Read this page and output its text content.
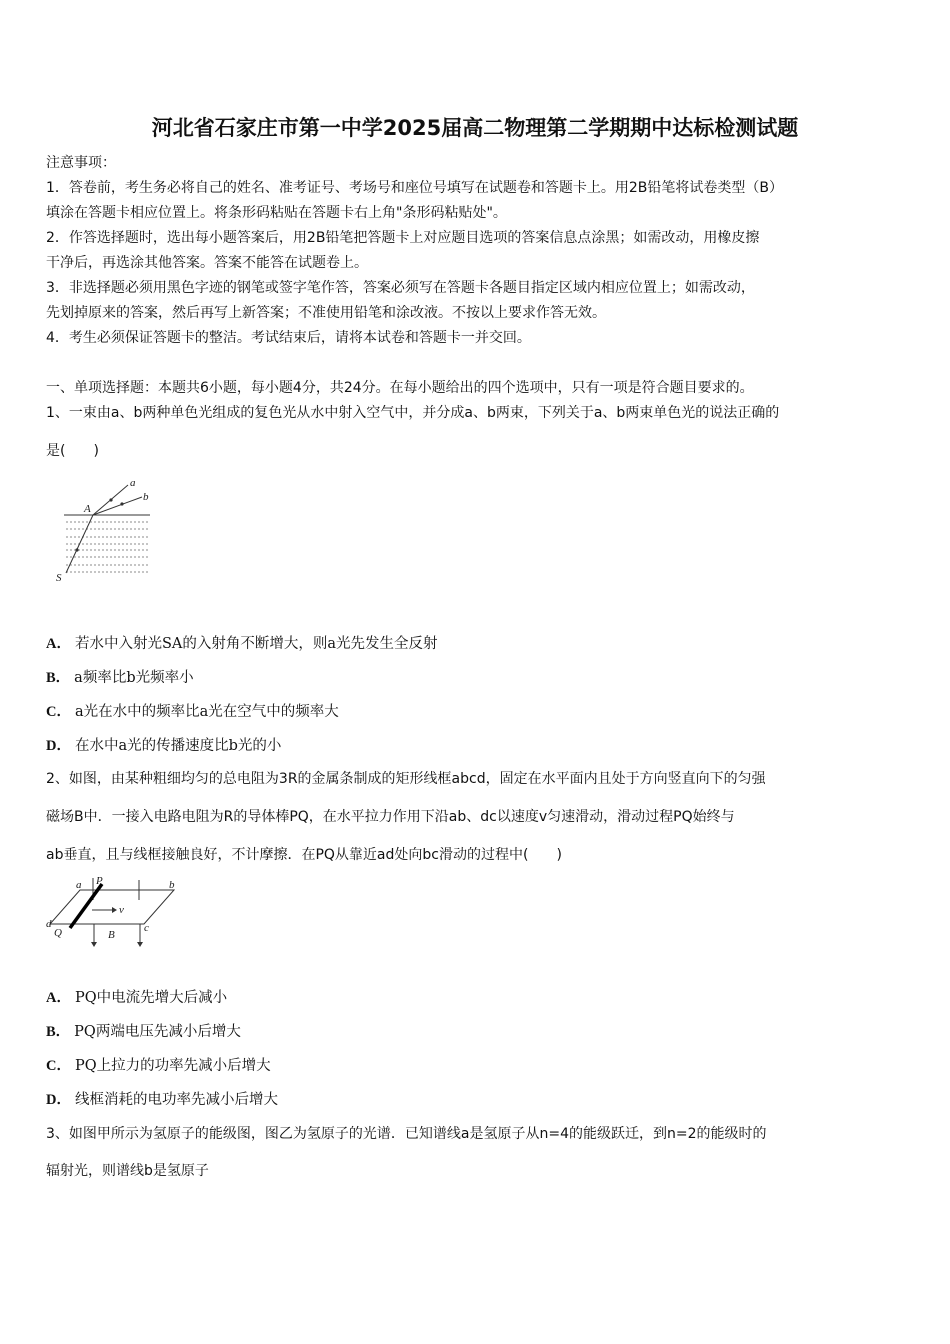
河北省石家庄市第一中学2025届高二物理第二学期期中达标检测试题
注意事项：
1．答卷前，考生务必将自己的姓名、准考证号、考场号和座位号填写在试题卷和答题卡上。用2B铅笔将试卷类型（B）
填涂在答题卡相应位置上。将条形码粘贴在答题卡右上角"条形码粘贴处"。
2．作答选择题时，选出每小题答案后，用2B铅笔把答题卡上对应题目选项的答案信息点涂黑；如需改动，用橡皮擦
干净后，再选涂其他答案。答案不能答在试题卷上。
3．非选择题必须用黑色字迹的钢笔或签字笔作答，答案必须写在答题卡各题目指定区域内相应位置上；如需改动，
先划掉原来的答案，然后再写上新答案；不准使用铅笔和涂改液。不按以上要求作答无效。
4．考生必须保证答题卡的整洁。考试结束后，请将本试卷和答题卡一并交回。
一、单项选择题：本题共6小题，每小题4分，共24分。在每小题给出的四个选项中，只有一项是符合题目要求的。
1、一束由a、b两种单色光组成的复色光从水中射入空气中，并分成a、b两束，下列关于a、b两束单色光的说法正确的
是(　　)
a
b
A
S
A． 若水中入射光SA的入射角不断增大，则a光先发生全反射
B． a频率比b光频率小
C． a光在水中的频率比a光在空气中的频率大
D． 在水中a光的传播速度比b光的小
2、如图，由某种粗细均匀的总电阻为3R的金属条制成的矩形线框abcd，固定在水平面内且处于方向竖直向下的匀强
磁场B中．一接入电路电阻为R的导体棒PQ，在水平拉力作用下沿ab、dc以速度v匀速滑动，滑动过程PQ始终与
ab垂直，且与线框接触良好，不计摩擦．在PQ从靠近ad处向bc滑动的过程中(　　)
a	b
c
d
P
Q
v
B
A． PQ中电流先增大后减小
B． PQ两端电压先减小后增大
C． PQ上拉力的功率先减小后增大
D． 线框消耗的电功率先减小后增大
3、如图甲所示为氢原子的能级图，图乙为氢原子的光谱．已知谱线a是氢原子从n=4的能级跃迁，到n=2的能级时的
辐射光，则谱线b是氢原子
